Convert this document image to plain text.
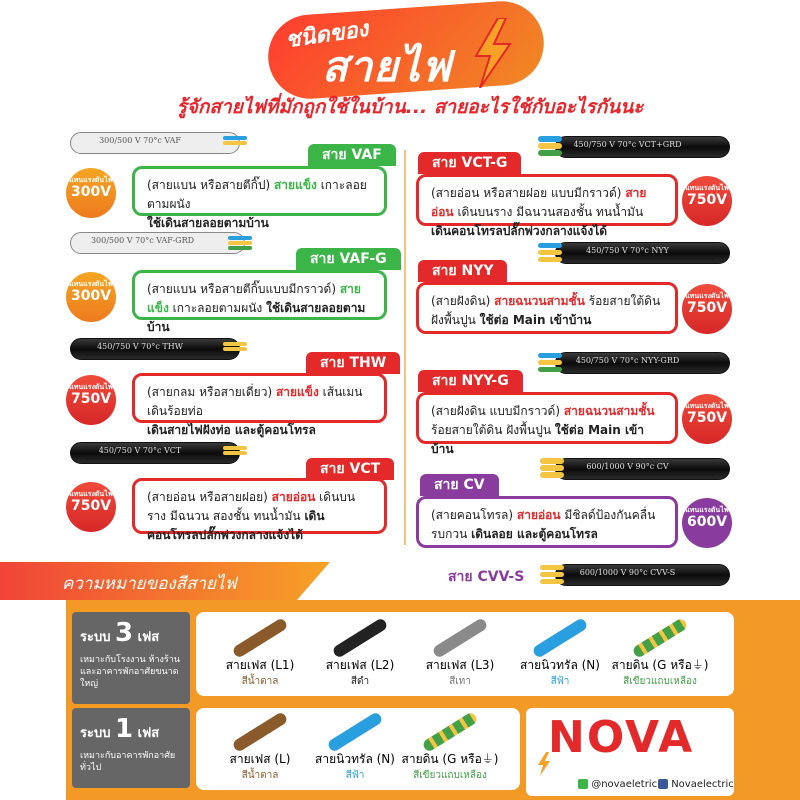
ชนิดของ
สายไฟ
รู้จักสายไฟที่มักถูกใช้ในบ้าน... สายอะไรใช้กับอะไรกันนะ
300/500 V 70°c VAF
สาย VAF
(สายแบน หรือสายตีกิ๊ป) สายแข็ง เกาะลอยตามผนัง
ใช้เดินสายลอยตามบ้าน
แทนแรงดันไฟ
300V
300/500 V 70°c VAF-GRD
สาย VAF-G
(สายแบน หรือสายตีกิ๊บแบบมีกราวด์) สายแข็ง เกาะลอยตามผนัง ใช้เดินสายลอยตามบ้าน
แทนแรงดันไฟ
300V
450/750 V 70°c THW
สาย THW
(สายกลม หรือสายเดี่ยว) สายแข็ง เส้นเมนเดินร้อยท่อ
เดินสายไฟฝังท่อ และตู้คอนโทรล
แทนแรงดันไฟ
750V
450/750 V 70°c VCT
สาย VCT
(สายอ่อน หรือสายฝอย) สายอ่อน เดินบนราง มีฉนวน สองชั้น ทนน้ำมัน เดินคอนโทรลปลั๊กพ่วงกลางแจ้งได้
แทนแรงดันไฟ
750V
450/750 V 70°c VCT+GRD
สาย VCT-G
(สายอ่อน หรือสายฝอย แบบมีกราวด์) สายอ่อน เดินบนราง มีฉนวนสองชั้น ทนน้ำมัน เดินคอนโทรลปลั๊กพ่วงกลางแจ้งได้
แทนแรงดันไฟ
750V
450/750 V 70°c NYY
สาย NYY
(สายฝังดิน) สายฉนวนสามชั้น ร้อยสายใต้ดิน ฝังพื้นปูน ใช้ต่อ Main เข้าบ้าน
แทนแรงดันไฟ
750V
450/750 V 70°c NYY-GRD
สาย NYY-G
(สายฝังดิน แบบมีกราวด์) สายฉนวนสามชั้น ร้อยสายใต้ดิน ฝังพื้นปูน ใช้ต่อ Main เข้าบ้าน
แทนแรงดันไฟ
750V
600/1000 V 90°c CV
สาย CV
(สายคอนโทรล) สายอ่อน มีชิลด์ป้องกันคลื่นรบกวน เดินลอย และตู้คอนโทรล
แทนแรงดันไฟ
600V
สาย CVV-S	600/1000 V 90°c CVV-S
ความหมายของสีสายไฟ
ระบบ 3 เฟส
เหมาะกับโรงงาน ห้างร้าน และอาคารพักอาศัยขนาดใหญ่
สายเฟส (L1)
สีน้ำตาล
สายเฟส (L2)
สีดำ
สายเฟส (L3)
สีเทา
สายนิวทรัล (N)
สีฟ้า
สายดิน (G หรือ⏚)
สีเขียวแถบเหลือง
ระบบ 1 เฟส
เหมาะกับอาคารพักอาศัยทั่วไป
สายเฟส (L)
สีน้ำตาล
สายนิวทรัล (N)
สีฟ้า
สายดิน (G หรือ⏚)
สีเขียวแถบเหลือง
NOVA
@novaeletric	Novaelectric
